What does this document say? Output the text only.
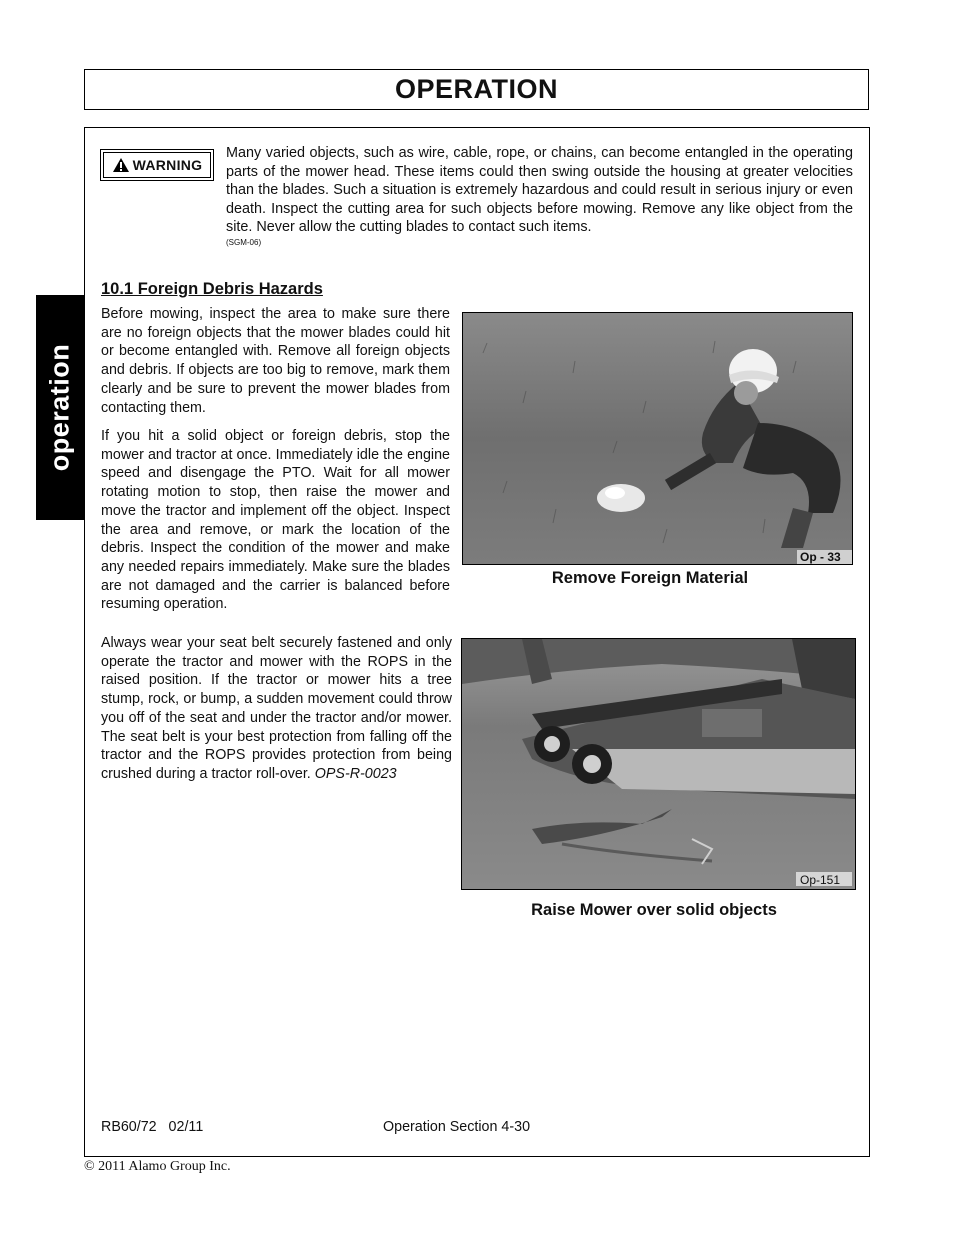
OPERATION
operation
WARNING
Many varied objects, such as wire, cable, rope, or chains, can become entangled in the operating parts of the mower head. These items could then swing outside the housing at greater velocities than the blades. Such a situation is extremely hazardous and could result in serious injury or even death. Inspect the cutting area for such objects before mowing. Remove any like object from the site. Never allow the cutting blades to contact such items.
(SGM-06)
10.1 Foreign Debris Hazards

Before mowing, inspect the area to make sure there are no foreign objects that the mower blades could hit or become entangled with. Remove all foreign objects and debris. If objects are too big to remove, mark them clearly and be sure to prevent the mower blades from contacting them.

If you hit a solid object or foreign debris, stop the mower and tractor at once. Immediately idle the engine speed and disengage the PTO. Wait for all mower rotating motion to stop, then raise the mower and move the tractor and implement off the object. Inspect the area and remove, or mark the location of the debris. Inspect the condition of the mower and make any needed repairs immediately. Make sure the blades are not damaged and the carrier is balanced before resuming operation.

Always wear your seat belt securely fastened and only operate the tractor and mower with the ROPS in the raised position. If the tractor or mower hits a tree stump, rock, or bump, a sudden movement could throw you off of the seat and under the tractor and/or mower. The seat belt is your best protection from falling off the tractor and the ROPS provides protection from being crushed during a tractor roll-over. OPS-R-0023

Op - 33
Remove Foreign Material
Op-151
Raise Mower over solid objects
RB60/72   02/11	Operation Section 4-30
© 2011 Alamo Group Inc.
